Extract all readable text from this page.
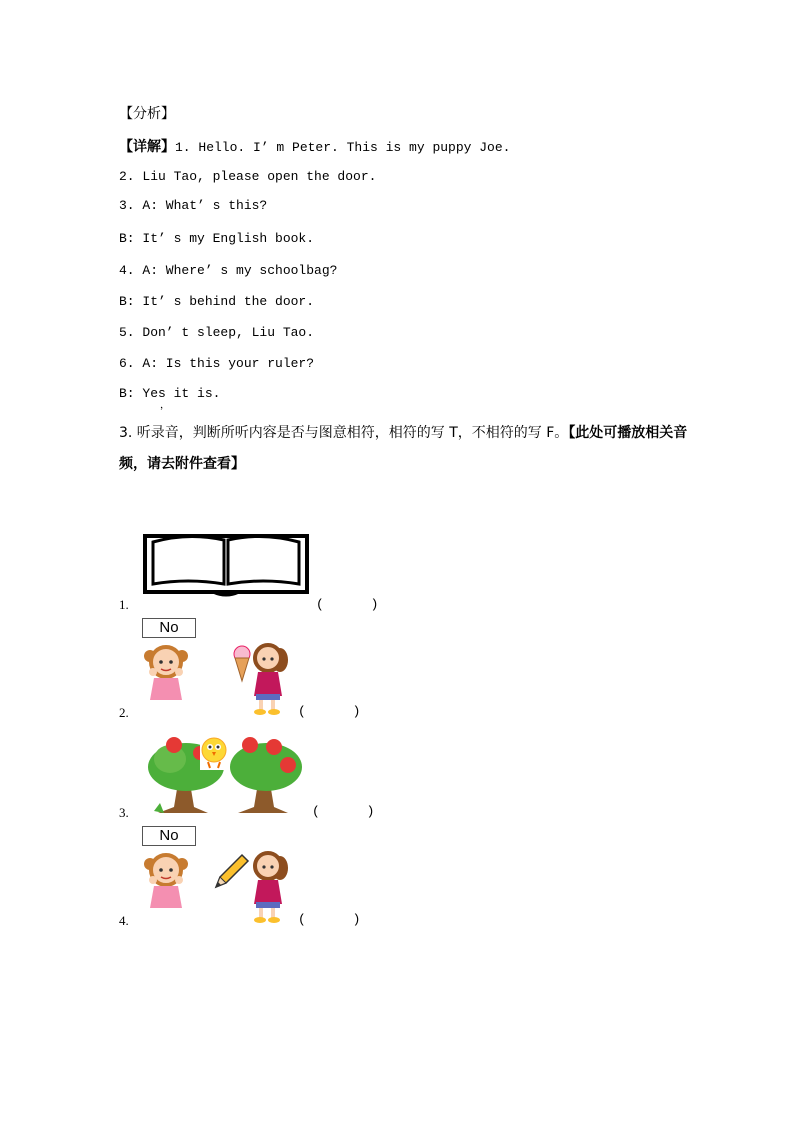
【分析】
【详解】1. Hello. I’ m Peter. This is my puppy Joe.
2. Liu Tao, please open the door.
3. A: What’ s this?
B: It’ s my English book.
4. A: Where’ s my schoolbag?
B: It’ s behind the door.
5. Don’ t sleep, Liu Tao.
6. A: Is this your ruler?
B: Yes it is.
，
3. 听录音，判断所听内容是否与图意相符，相符的写 T，不相符的写 F。【此处可播放相关音频，请去附件查看】
1.	(      )
No
2.	(      )
3.	(      )
No
4.	(      )
